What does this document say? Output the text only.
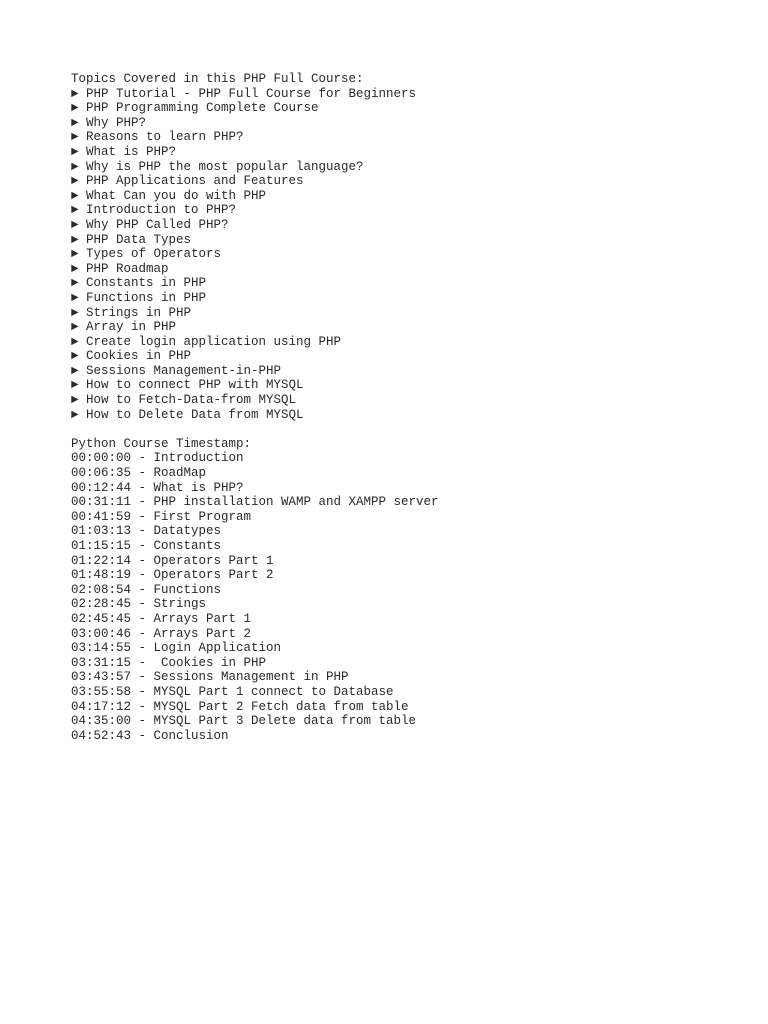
Topics Covered in this PHP Full Course:
► PHP Tutorial - PHP Full Course for Beginners
► PHP Programming Complete Course
► Why PHP?
► Reasons to learn PHP?
► What is PHP?
► Why is PHP the most popular language?
► PHP Applications and Features
► What Can you do with PHP
► Introduction to PHP?
► Why PHP Called PHP?
► PHP Data Types
► Types of Operators
► PHP Roadmap
► Constants in PHP
► Functions in PHP
► Strings in PHP
► Array in PHP
► Create login application using PHP
► Cookies in PHP
► Sessions Management-in-PHP
► How to connect PHP with MYSQL
► How to Fetch-Data-from MYSQL
► How to Delete Data from MYSQL
Python Course Timestamp:
00:00:00 - Introduction
00:06:35 - RoadMap
00:12:44 - What is PHP?
00:31:11 - PHP installation WAMP and XAMPP server
00:41:59 - First Program
01:03:13 - Datatypes
01:15:15 - Constants
01:22:14 - Operators Part 1
01:48:19 - Operators Part 2
02:08:54 - Functions
02:28:45 - Strings
02:45:45 - Arrays Part 1
03:00:46 - Arrays Part 2
03:14:55 - Login Application
03:31:15 -  Cookies in PHP
03:43:57 - Sessions Management in PHP
03:55:58 - MYSQL Part 1 connect to Database
04:17:12 - MYSQL Part 2 Fetch data from table
04:35:00 - MYSQL Part 3 Delete data from table
04:52:43 - Conclusion
